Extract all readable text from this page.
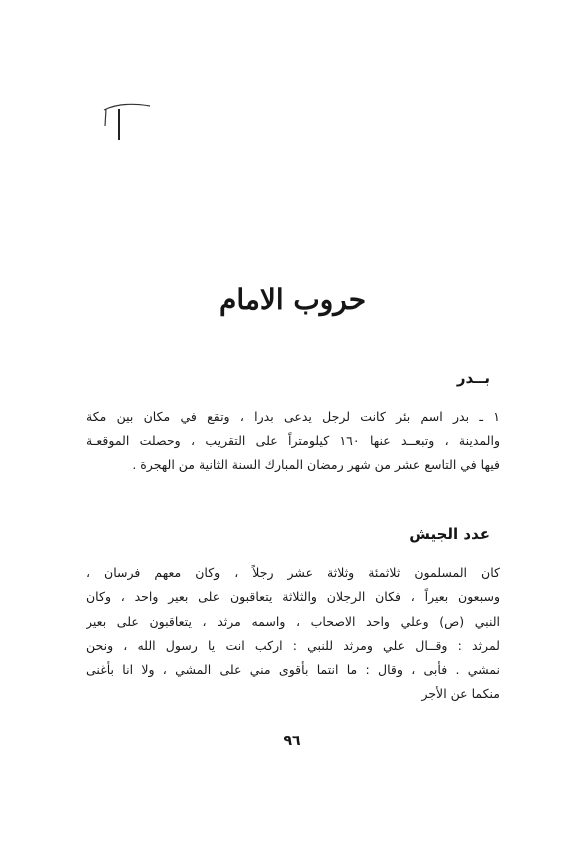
حروب الامام
بــدر
١ ـ بدر اسم بئر كانت لرجل يدعى بدرا ، وتقع في مكان بين مكة
والمدينة ، وتبعــد عنها ١٦٠ كيلومتراً على التقريب ، وحصلت الموقعـة
فيها في التاسع عشر من شهر رمضان المبارك السنة الثانية من الهجرة .
عدد الجيش
كان المسلمون ثلاثمئة وثلاثة عشر رجلاً ، وكان معهم فرسان ،
وسبعون بعيراً ، فكان الرجلان والثلاثة يتعاقبون على بعير واحد ، وكان
النبي (ص) وعلي واحد الاصحاب ، واسمه مرثد ، يتعاقبون على بعير
لمرثد : وقــال علي ومرثد للنبي : اركب انت يا رسول الله ، ونحن
نمشي . فأبى ، وقال : ما انتما بأقوى مني على المشي ، ولا انا بأغنى
منكما عن الأجر
٩٦
